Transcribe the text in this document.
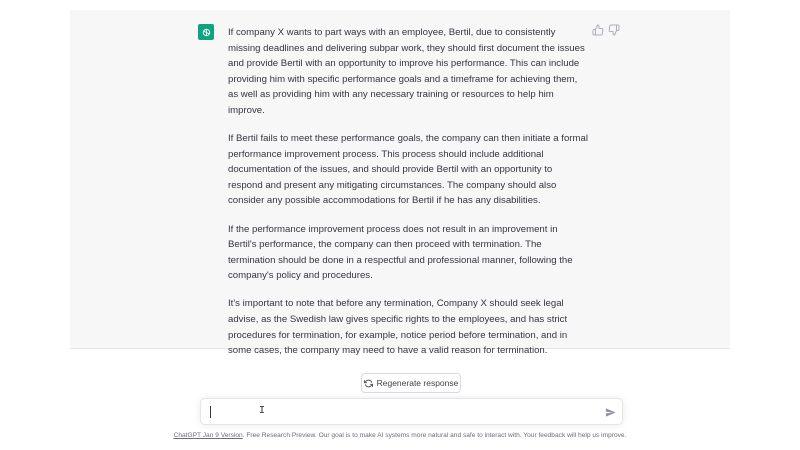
If company X wants to part ways with an employee, Bertil, due to consistently missing deadlines and delivering subpar work, they should first document the issues and provide Bertil with an opportunity to improve his performance. This can include providing him with specific performance goals and a timeframe for achieving them, as well as providing him with any necessary training or resources to help him improve.

If Bertil fails to meet these performance goals, the company can then initiate a formal performance improvement process. This process should include additional documentation of the issues, and should provide Bertil with an opportunity to respond and present any mitigating circumstances. The company should also consider any possible accommodations for Bertil if he has any disabilities.

If the performance improvement process does not result in an improvement in Bertil's performance, the company can then proceed with termination. The termination should be done in a respectful and professional manner, following the company's policy and procedures.

It's important to note that before any termination, Company X should seek legal advise, as the Swedish law gives specific rights to the employees, and has strict procedures for termination, for example, notice period before termination, and in some cases, the company may need to have a valid reason for termination.

Regenerate response
I
ChatGPT Jan 9 Version. Free Research Preview. Our goal is to make AI systems more natural and safe to interact with. Your feedback will help us improve.
